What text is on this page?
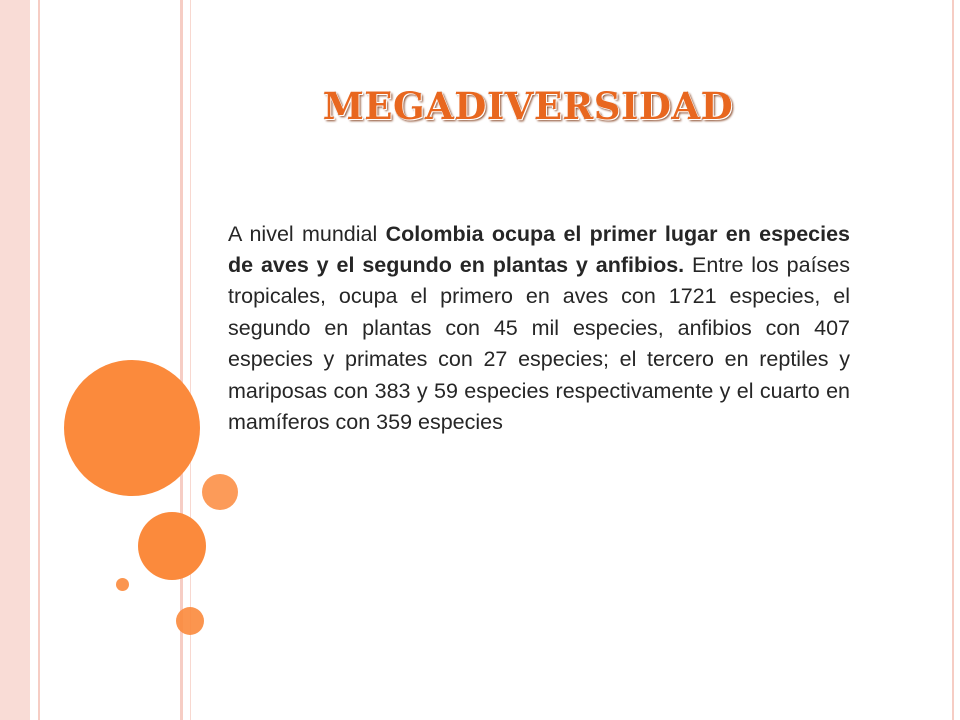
MEGADIVERSIDAD

A nivel mundial Colombia ocupa el primer lugar en especies de aves y el segundo en plantas y anfibios. Entre los países tropicales, ocupa el primero en aves con 1721 especies, el segundo en plantas con 45 mil especies, anfibios con 407 especies y primates con 27 especies; el tercero en reptiles y mariposas con 383 y 59 especies respectivamente y el cuarto en mamíferos con 359 especies
